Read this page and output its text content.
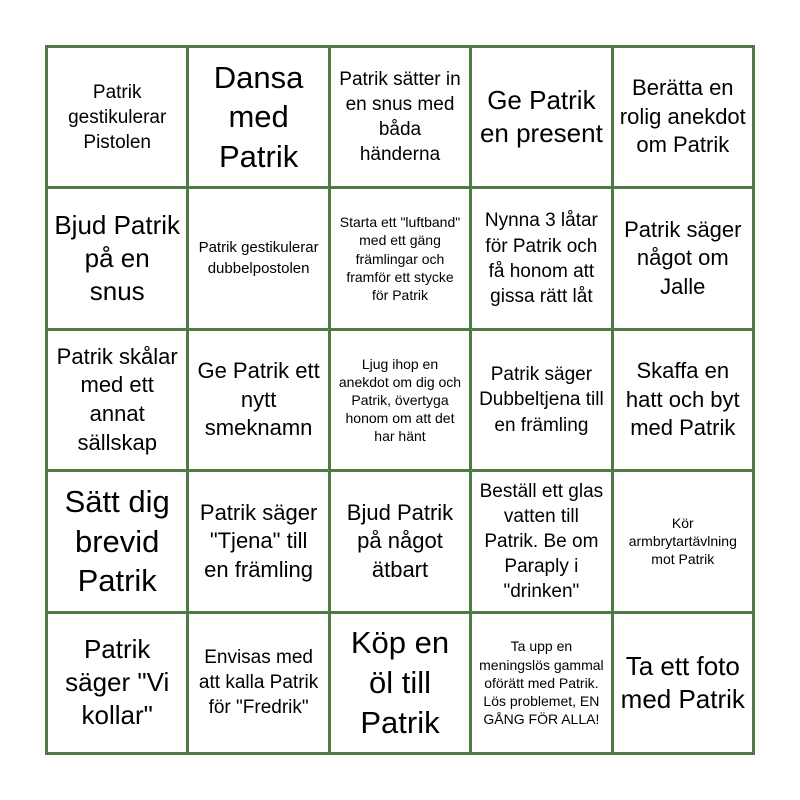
Patrik gestikulerar Pistolen
Dansa med Patrik
Patrik sätter in en snus med båda händerna
Ge Patrik en present
Berätta en rolig anekdot om Patrik
Bjud Patrik på en snus
Patrik gestikulerar dubbelpostolen
Starta ett "luftband" med ett gäng främlingar och framför ett stycke för Patrik
Nynna 3 låtar för Patrik och få honom att gissa rätt låt
Patrik säger något om Jalle
Patrik skålar med ett annat sällskap
Ge Patrik ett nytt smeknamn
Ljug ihop en anekdot om dig och Patrik, övertyga honom om att det har hänt
Patrik säger Dubbeltjena till en främling
Skaffa en hatt och byt med Patrik
Sätt dig brevid Patrik
Patrik säger "Tjena" till en främling
Bjud Patrik på något ätbart
Beställ ett glas vatten till Patrik. Be om Paraply i "drinken"
Kör armbrytartävlning mot Patrik
Patrik säger "Vi kollar"
Envisas med att kalla Patrik för "Fredrik"
Köp en öl till Patrik
Ta upp en meningslös gammal oförätt med Patrik. Lös problemet, EN GÅNG FÖR ALLA!
Ta ett foto med Patrik
